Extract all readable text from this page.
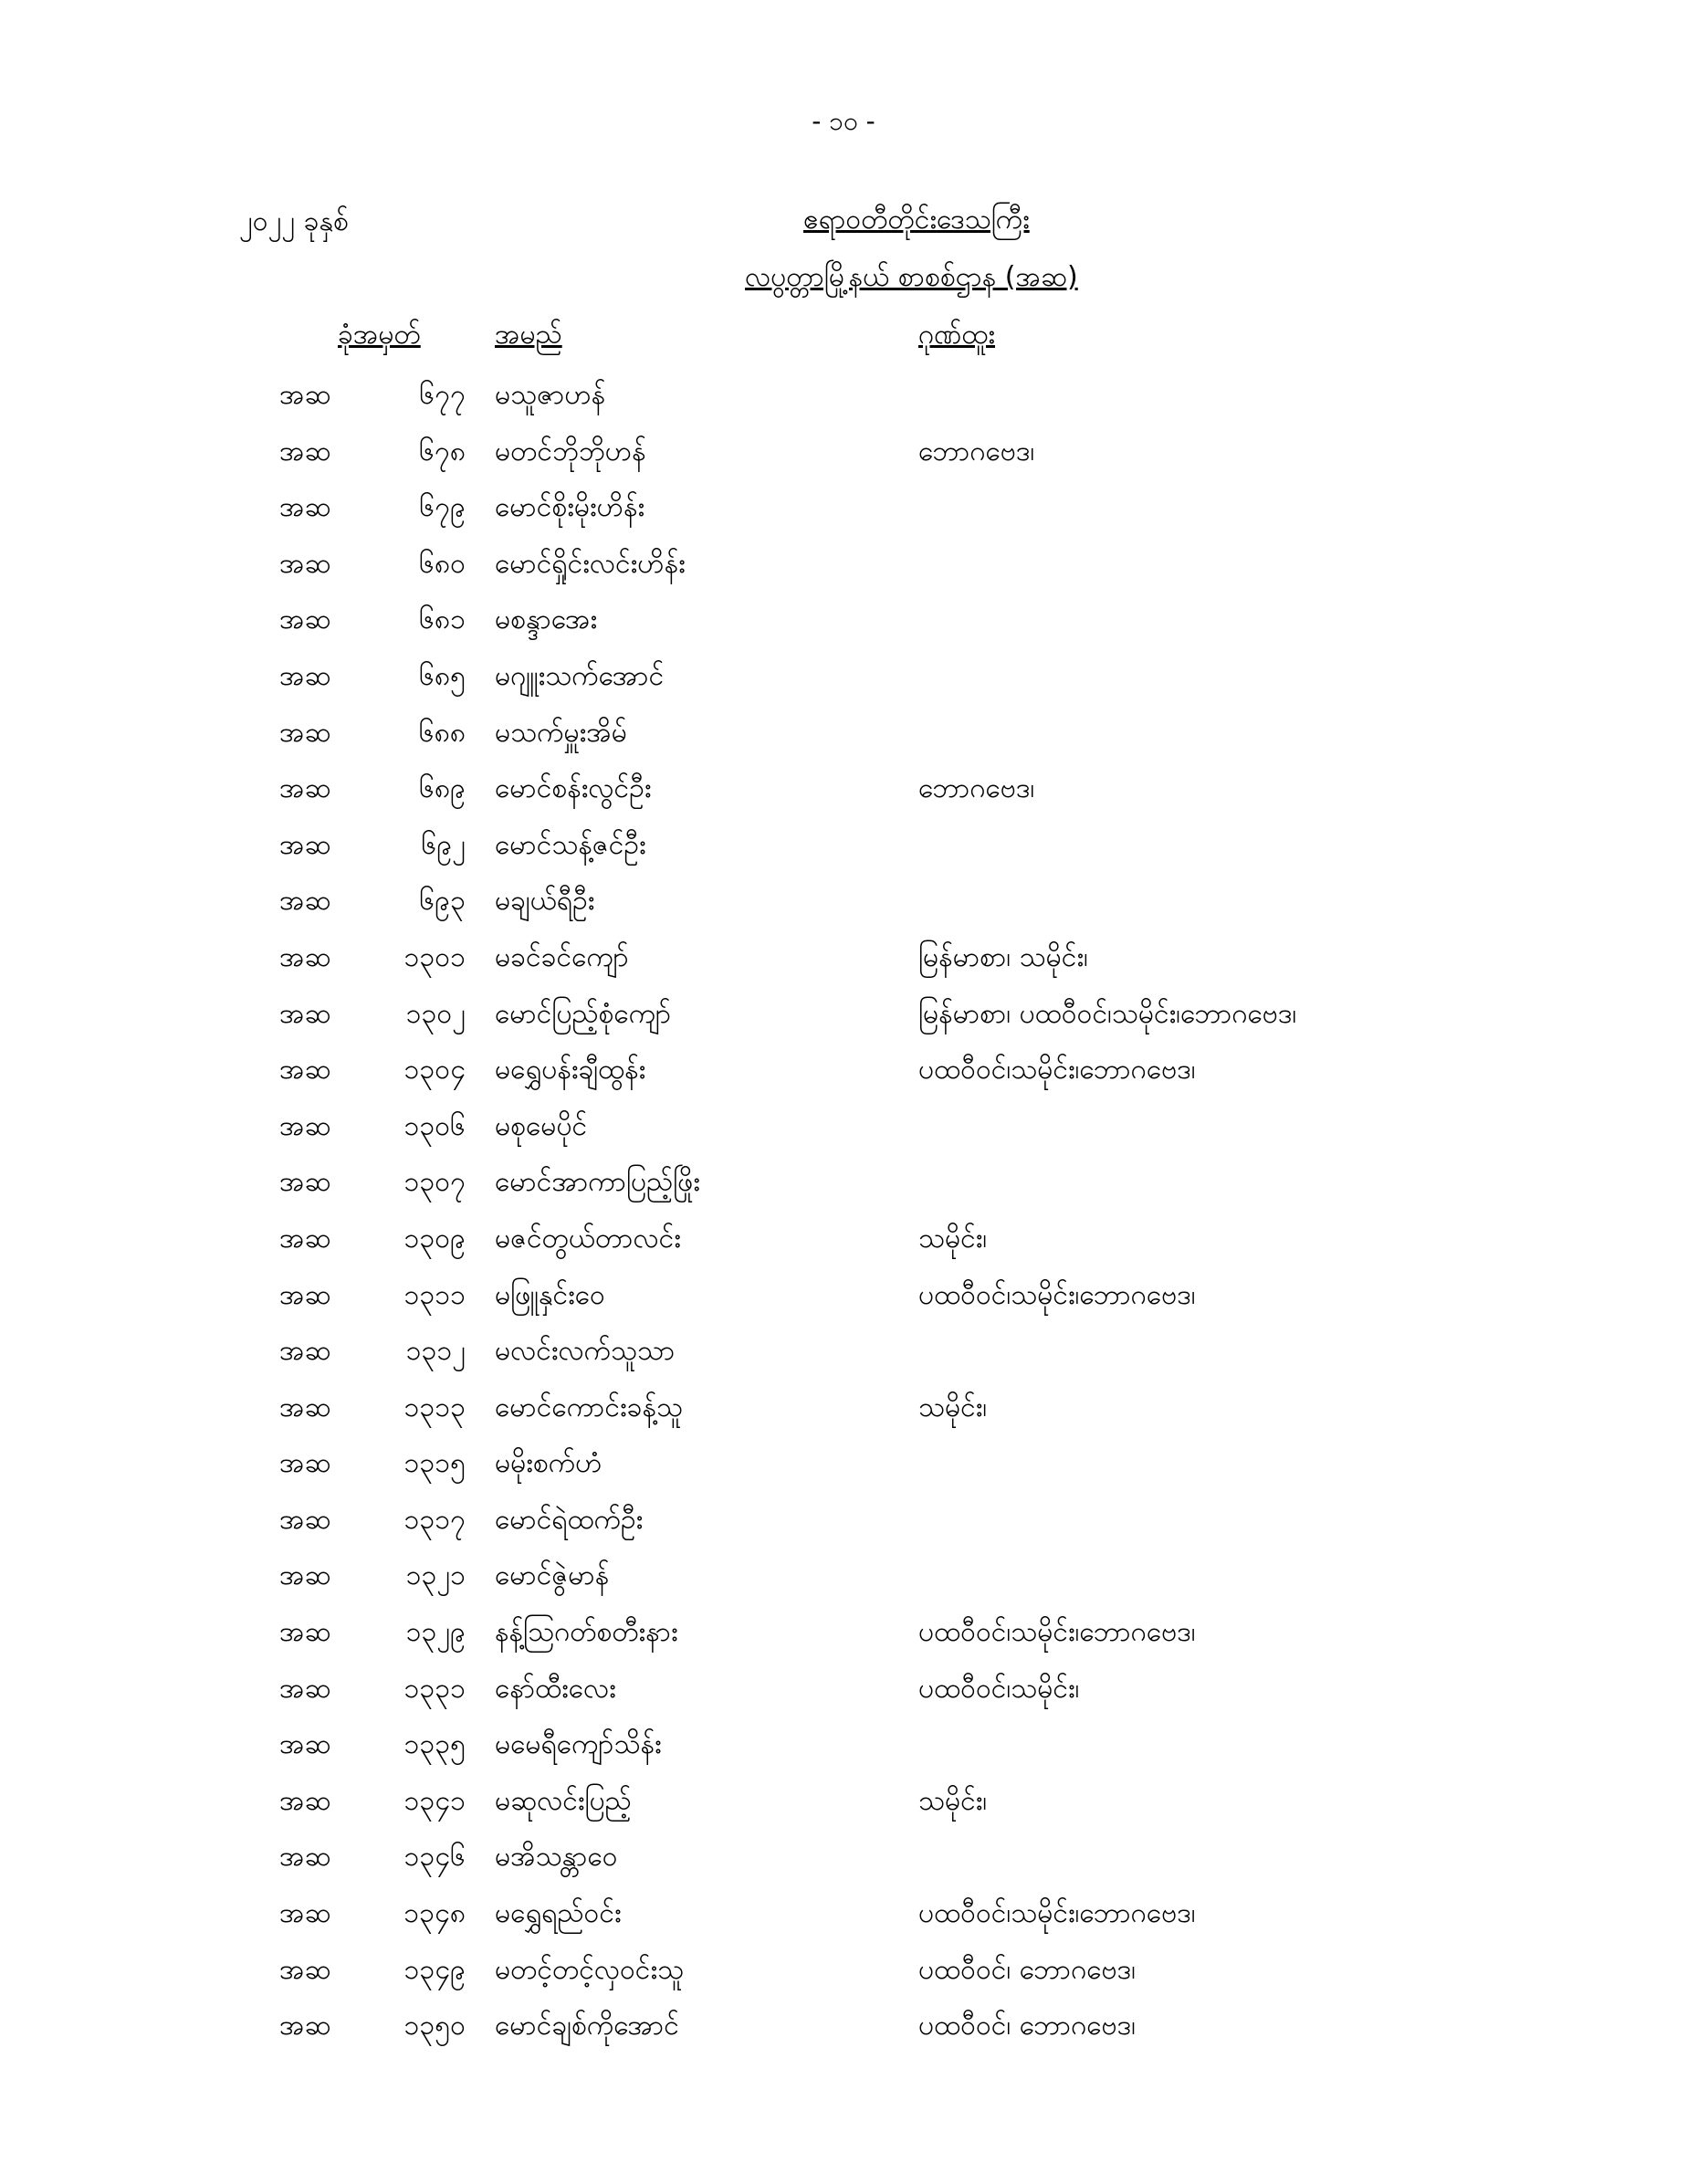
- ၁၀ -
၂၀၂၂ ခုနှစ်	ဧရာဝတီတိုင်းဒေသကြီး
လပွတ္တာမြို့နယ် စာစစ်ဌာန (အဆ)
ခုံအမှတ်	အမည်	ဂုဏ်ထူး
အဆ	၆၇၇ မသူဇာဟန်
အဆ	၆၇၈ မတင်ဘိုဘိုဟန်	ဘောဂဗေဒ၊
အဆ	၆၇၉ မောင်စိုးမိုးဟိန်း
အဆ	၆၈၀ မောင်ရှိုင်းလင်းဟိန်း
အဆ	၆၈၁ မစန္ဒာအေး
အဆ	၆၈၅ မဂျူးသက်အောင်
အဆ	၆၈၈ မသက်မှူးအိမ်
အဆ	၆၈၉ မောင်စန်းလွင်ဦး	ဘောဂဗေဒ၊
အဆ	၆၉၂ မောင်သန့်ဇင်ဦး
အဆ	၆၉၃ မချယ်ရီဦး
အဆ	၁၃၀၁ မခင်ခင်ကျော်	မြန်မာစာ၊ သမိုင်း၊
အဆ	၁၃၀၂ မောင်ပြည့်စုံကျော်	မြန်မာစာ၊ ပထဝီဝင်၊သမိုင်း၊ဘောဂဗေဒ၊
အဆ	၁၃၀၄ မရွှေပန်းချီထွန်း	ပထဝီဝင်၊သမိုင်း၊ဘောဂဗေဒ၊
အဆ	၁၃၀၆ မစုမေပိုင်
အဆ	၁၃၀၇ မောင်အာကာပြည့်ဖြိုး
အဆ	၁၃၀၉ မဇင်တွယ်တာလင်း	သမိုင်း၊
အဆ	၁၃၁၁ မဖြူနှင်းဝေ	ပထဝီဝင်၊သမိုင်း၊ဘောဂဗေဒ၊
အဆ	၁၃၁၂ မလင်းလက်သူသာ
အဆ	၁၃၁၃ မောင်ကောင်းခန့်သူ	သမိုင်း၊
အဆ	၁၃၁၅ မမိုးစက်ဟံ
အဆ	၁၃၁၇ မောင်ရဲထက်ဦး
အဆ	၁၃၂၁ မောင်ဇွဲမာန်
အဆ	၁၃၂၉ နန့်သြဂတ်စတီးနား	ပထဝီဝင်၊သမိုင်း၊ဘောဂဗေဒ၊
အဆ	၁၃၃၁ နော်ထီးလေး	ပထဝီဝင်၊သမိုင်း၊
အဆ	၁၃၃၅ မမေရီကျော်သိန်း
အဆ	၁၃၄၁ မဆုလင်းပြည့်	သမိုင်း၊
အဆ	၁၃၄၆ မအိသန္တာဝေ
အဆ	၁၃၄၈ မရွှေရည်ဝင်း	ပထဝီဝင်၊သမိုင်း၊ဘောဂဗေဒ၊
အဆ	၁၃၄၉ မတင့်တင့်လှဝင်းသူ	ပထဝီဝင်၊ ဘောဂဗေဒ၊
အဆ	၁၃၅၀ မောင်ချစ်ကိုအောင်	ပထဝီဝင်၊ ဘောဂဗေဒ၊
